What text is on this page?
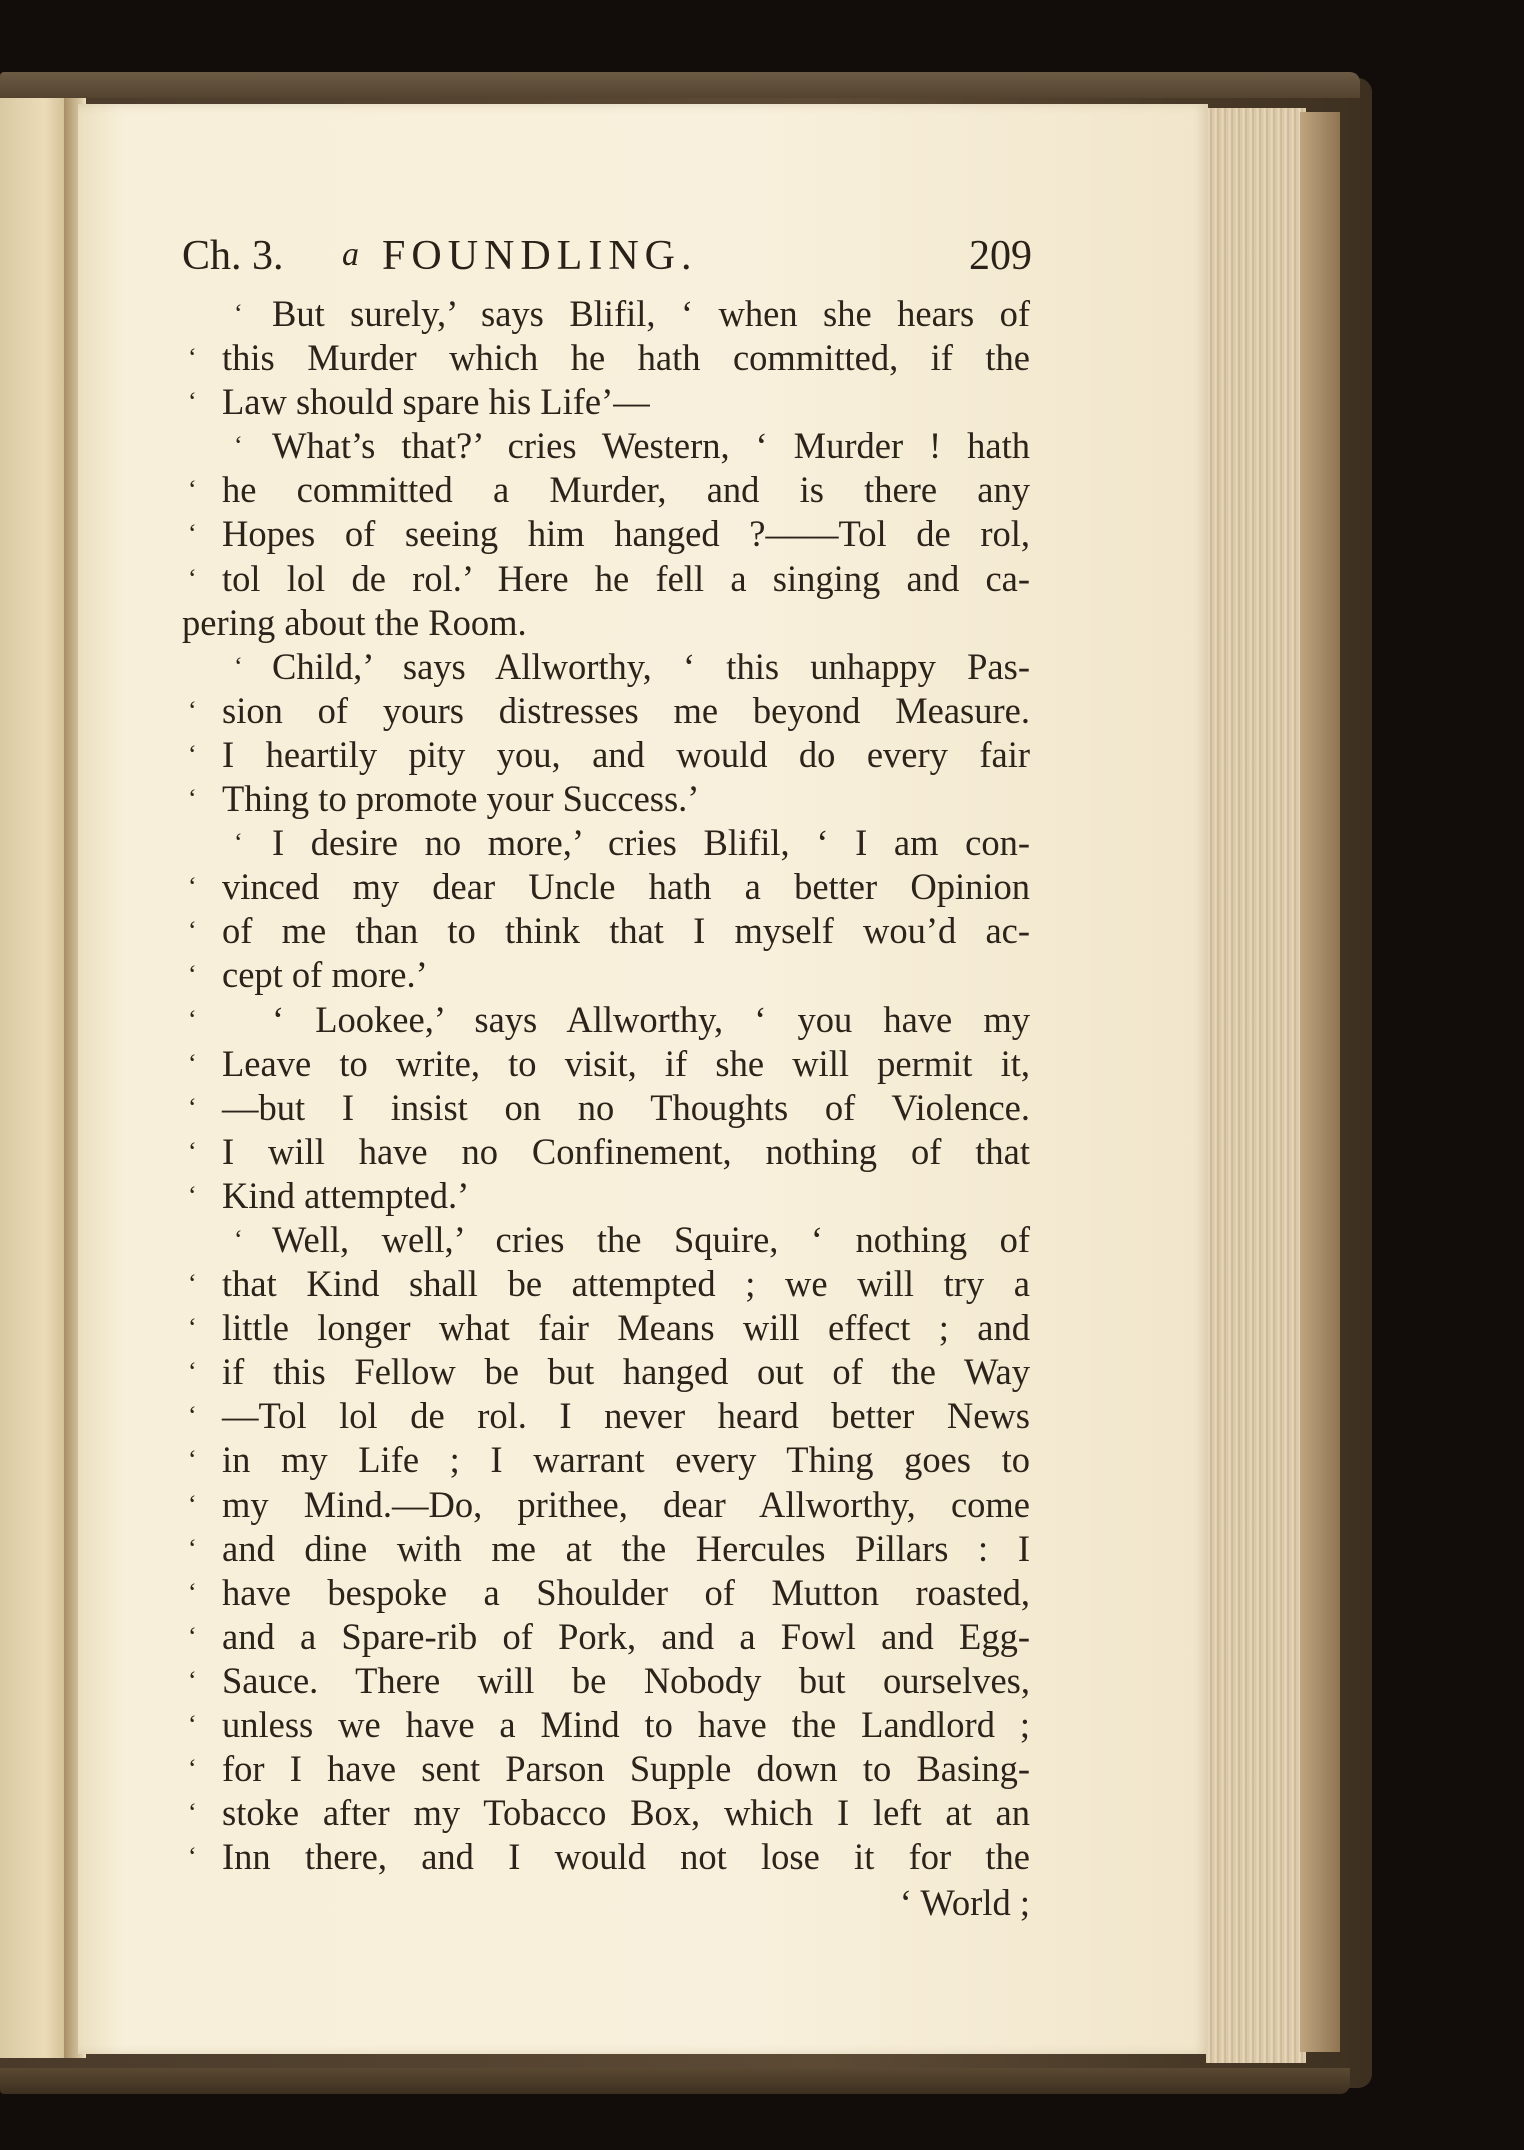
Ch. 3. a FOUNDLING.	209
‘ But surely,’ says Blifil, ‘ when she hears of
‘ this Murder which he hath committed, if the
‘ Law should spare his Life’—
‘ What’s that?’ cries Western, ‘ Murder ! hath
‘ he committed a Murder, and is there any
‘ Hopes of seeing him hanged ?——Tol de rol,
‘ tol lol de rol.’ Here he fell a singing and ca-
pering about the Room.
‘ Child,’ says Allworthy, ‘ this unhappy Pas-
‘ sion of yours distresses me beyond Measure.
‘ I heartily pity you, and would do every fair
‘ Thing to promote your Success.’
‘ I desire no more,’ cries Blifil, ‘ I am con-
‘ vinced my dear Uncle hath a better Opinion
‘ of me than to think that I myself wou’d ac-
‘ cept of more.’
‘ ‘ Lookee,’ says Allworthy, ‘ you have my
‘ Leave to write, to visit, if she will permit it,
‘ —but I insist on no Thoughts of Violence.
‘ I will have no Confinement, nothing of that
‘ Kind attempted.’
‘ Well, well,’ cries the Squire, ‘ nothing of
‘ that Kind shall be attempted ; we will try a
‘ little longer what fair Means will effect ; and
‘ if this Fellow be but hanged out of the Way
‘ —Tol lol de rol. I never heard better News
‘ in my Life ; I warrant every Thing goes to
‘ my Mind.—Do, prithee, dear Allworthy, come
‘ and dine with me at the Hercules Pillars : I
‘ have bespoke a Shoulder of Mutton roasted,
‘ and a Spare-rib of Pork, and a Fowl and Egg-
‘ Sauce. There will be Nobody but ourselves,
‘ unless we have a Mind to have the Landlord ;
‘ for I have sent Parson Supple down to Basing-
‘ stoke after my Tobacco Box, which I left at an
‘ Inn there, and I would not lose it for the
‘ World ;
